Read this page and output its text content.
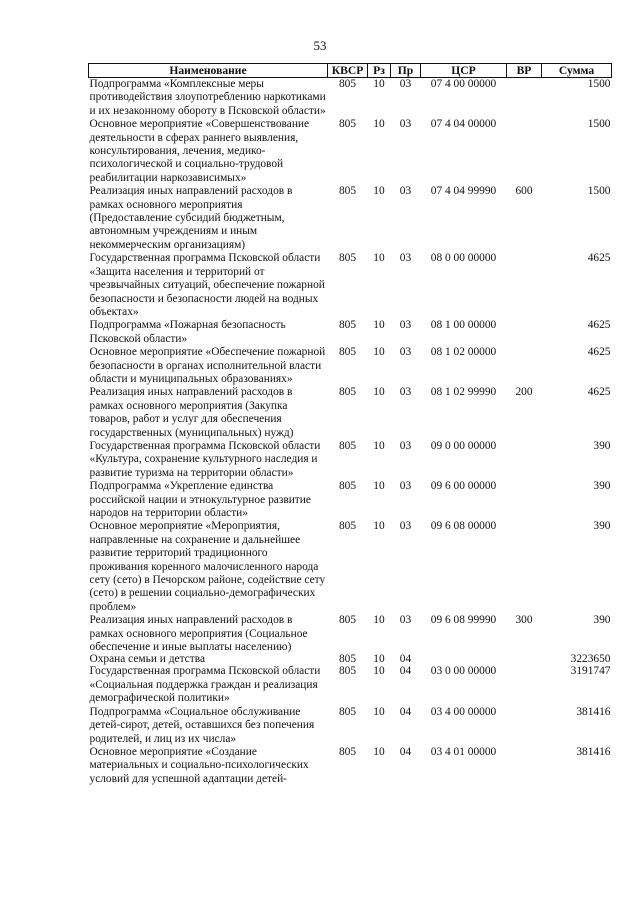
53
Наименование	КВСР	Рз	Пр	ЦСР	ВР	Сумма
Подпрограмма «Комплексные меры противодействия злоупотреблению наркотиками и их незаконному обороту в Псковской области»	805	10	03	07 4 00 00000		1500
Основное мероприятие «Совершенствование деятельности в сферах раннего выявления, консультирования, лечения, медико-психологической и социально-трудовой реабилитации наркозависимых»	805	10	03	07 4 04 00000		1500
Реализация иных направлений расходов в рамках основного мероприятия (Предоставление субсидий бюджетным, автономным учреждениям и иным некоммерческим организациям)	805	10	03	07 4 04 99990	600	1500
Государственная программа Псковской области «Защита населения и территорий от чрезвычайных ситуаций, обеспечение пожарной безопасности и безопасности людей на водных объектах»	805	10	03	08 0 00 00000		4625
Подпрограмма «Пожарная безопасность Псковской области»	805	10	03	08 1 00 00000		4625
Основное мероприятие «Обеспечение пожарной безопасности в органах исполнительной власти области и муниципальных образованиях»	805	10	03	08 1 02 00000		4625
Реализация иных направлений расходов в рамках основного мероприятия (Закупка товаров, работ и услуг для обеспечения государственных (муниципальных) нужд)	805	10	03	08 1 02 99990	200	4625
Государственная программа Псковской области «Культура, сохранение культурного наследия и развитие туризма на территории области»	805	10	03	09 0 00 00000		390
Подпрограмма «Укрепление единства российской нации и этнокультурное развитие народов на территории области»	805	10	03	09 6 00 00000		390
Основное мероприятие «Мероприятия, направленные на сохранение и дальнейшее развитие территорий традиционного проживания коренного малочисленного народа сету (сето) в Печорском районе, содействие сету (сето) в решении социально-демографических проблем»	805	10	03	09 6 08 00000		390
Реализация иных направлений расходов в рамках основного мероприятия (Социальное обеспечение и иные выплаты населению)	805	10	03	09 6 08 99990	300	390
Охрана семьи и детства	805	10	04			3223650
Государственная программа Псковской области «Социальная поддержка граждан и реализация демографической политики»	805	10	04	03 0 00 00000		3191747
Подпрограмма «Социальное обслуживание детей-сирот, детей, оставшихся без попечения родителей, и лиц из их числа»	805	10	04	03 4 00 00000		381416
Основное мероприятие «Создание материальных и социально-психологических условий для успешной адаптации детей-	805	10	04	03 4 01 00000		381416
